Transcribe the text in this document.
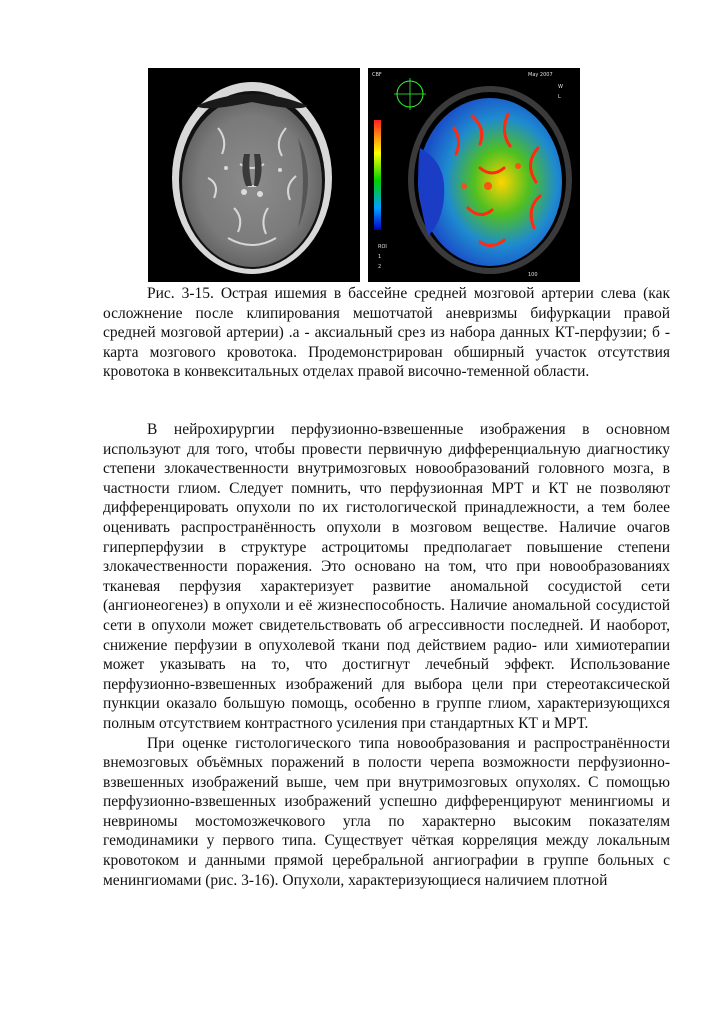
CBF	May 2007
W
L
ROI
1
2
100

Рис. 3-15. Острая ишемия в бассейне средней мозговой артерии слева (как осложнение после клипирования мешотчатой аневризмы бифуркации правой средней мозговой артерии) .а - аксиальный срез из набора данных КТ-перфузии; б - карта мозгового кровотока. Продемонстрирован обширный участок отсутствия кровотока в конвекситальных отделах правой височно-теменной области.

В нейрохирургии перфузионно-взвешенные изображения в основном используют для того, чтобы провести первичную дифференциальную диагностику степени злокачественности внутримозговых новообразований головного мозга, в частности глиом. Следует помнить, что перфузионная МРТ и КТ не позволяют дифференцировать опухоли по их гистологической принадлежности, а тем более оценивать распространённость опухоли в мозговом веществе. Наличие очагов гиперперфузии в структуре астроцитомы предполагает повышение степени злокачественности поражения. Это основано на том, что при новообразованиях тканевая перфузия характеризует развитие аномальной сосудистой сети (ангионеогенез) в опухоли и её жизнеспособность. Наличие аномальной сосудистой сети в опухоли может свидетельствовать об агрессивности последней. И наоборот, снижение перфузии в опухолевой ткани под действием радио- или химиотерапии может указывать на то, что достигнут лечебный эффект. Использование перфузионно-взвешенных изображений для выбора цели при стереотаксической пункции оказало большую помощь, особенно в группе глиом, характеризующихся полным отсутствием контрастного усиления при стандартных КТ и МРТ.

При оценке гистологического типа новообразования и распространённости внемозговых объёмных поражений в полости черепа возможности перфузионно-взвешенных изображений выше, чем при внутримозговых опухолях. С помощью перфузионно-взвешенных изображений успешно дифференцируют менингиомы и невриномы мостомозжечкового угла по характерно высоким показателям гемодинамики у первого типа. Существует чёткая корреляция между локальным кровотоком и данными прямой церебральной ангиографии в группе больных с менингиомами (рис. 3-16). Опухоли, характеризующиеся наличием плотной
